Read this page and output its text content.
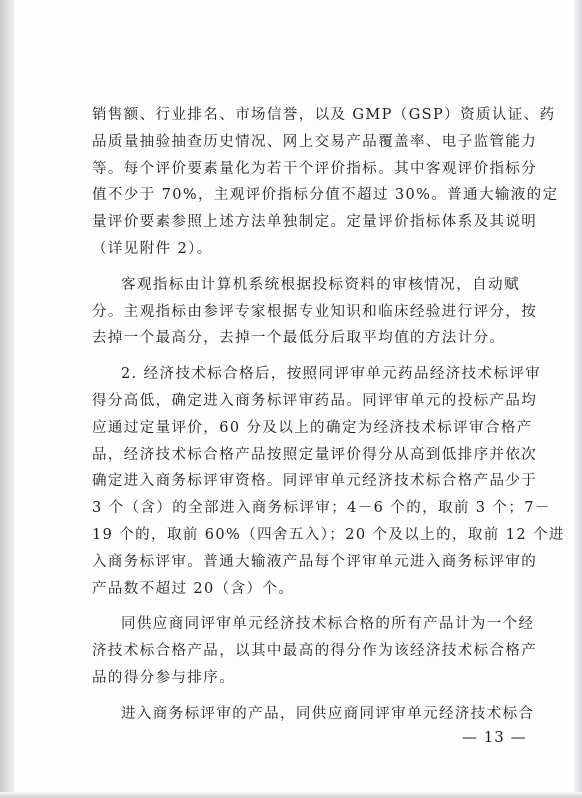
销售额、行业排名、市场信誉，以及 GMP（GSP）资质认证、药
品质量抽验抽查历史情况、网上交易产品覆盖率、电子监管能力
等。每个评价要素量化为若干个评价指标。其中客观评价指标分
值不少于 70%，主观评价指标分值不超过 30%。普通大输液的定
量评价要素参照上述方法单独制定。定量评价指标体系及其说明
（详见附件 2）。
客观指标由计算机系统根据投标资料的审核情况，自动赋
分。主观指标由参评专家根据专业知识和临床经验进行评分，按
去掉一个最高分，去掉一个最低分后取平均值的方法计分。
2. 经济技术标合格后，按照同评审单元药品经济技术标评审
得分高低，确定进入商务标评审药品。同评审单元的投标产品均
应通过定量评价，60 分及以上的确定为经济技术标评审合格产
品，经济技术标合格产品按照定量评价得分从高到低排序并依次
确定进入商务标评审资格。同评审单元经济技术标合格产品少于
3 个（含）的全部进入商务标评审；4－6 个的，取前 3 个；7－
19 个的，取前 60%（四舍五入）；20 个及以上的，取前 12 个进
入商务标评审。普通大输液产品每个评审单元进入商务标评审的
产品数不超过 20（含）个。
同供应商同评审单元经济技术标合格的所有产品计为一个经
济技术标合格产品，以其中最高的得分作为该经济技术标合格产
品的得分参与排序。
进入商务标评审的产品，同供应商同评审单元经济技术标合
— 13 —
